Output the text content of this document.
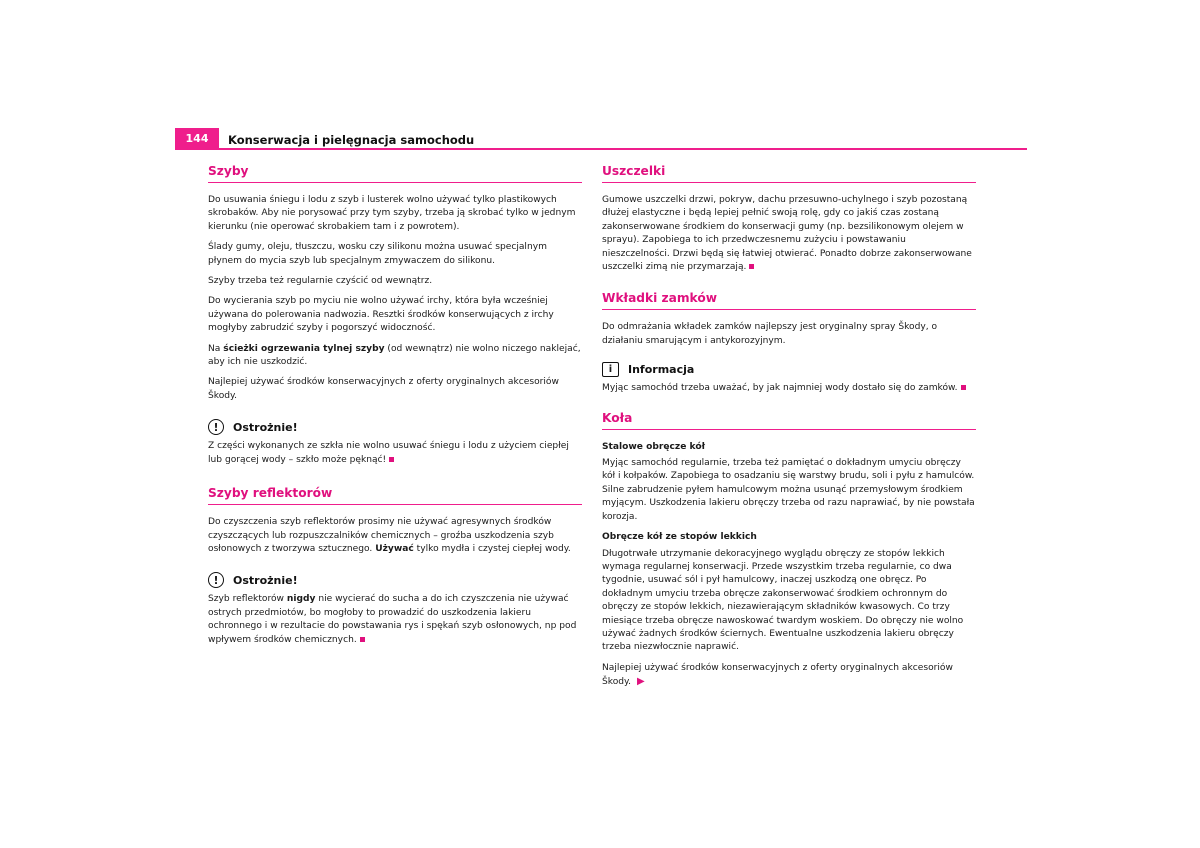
144	Konserwacja i pielęgnacja samochodu
Szyby

Do usuwania śniegu i lodu z szyb i lusterek wolno używać tylko plastikowych skrobaków. Aby nie porysować przy tym szyby, trzeba ją skrobać tylko w jednym kierunku (nie operować skrobakiem tam i z powrotem).

Ślady gumy, oleju, tłuszczu, wosku czy silikonu można usuwać specjalnym płynem do mycia szyb lub specjalnym zmywaczem do silikonu.

Szyby trzeba też regularnie czyścić od wewnątrz.

Do wycierania szyb po myciu nie wolno używać irchy, która była wcześniej używana do polerowania nadwozia. Resztki środków konserwujących z irchy mogłyby zabrudzić szyby i pogorszyć widoczność.

Na ścieżki ogrzewania tylnej szyby (od wewnątrz) nie wolno niczego naklejać, aby ich nie uszkodzić.

Najlepiej używać środków konserwacyjnych z oferty oryginalnych akcesoriów Škody.

!	Ostrożnie!

Z części wykonanych ze szkła nie wolno usuwać śniegu i lodu z użyciem ciepłej lub gorącej wody – szkło może pęknąć!

Szyby reflektorów

Do czyszczenia szyb reflektorów prosimy nie używać agresywnych środków czyszczących lub rozpuszczalników chemicznych – groźba uszkodzenia szyb osłonowych z tworzywa sztucznego. Używać tylko mydła i czystej ciepłej wody.

!	Ostrożnie!

Szyb reflektorów nigdy nie wycierać do sucha a do ich czyszczenia nie używać ostrych przedmiotów, bo mogłoby to prowadzić do uszkodzenia lakieru ochronnego i w rezultacie do powstawania rys i spękań szyb osłonowych, np pod wpływem środków chemicznych.

Uszczelki

Gumowe uszczelki drzwi, pokryw, dachu przesuwno-uchylnego i szyb pozostaną dłużej elastyczne i będą lepiej pełnić swoją rolę, gdy co jakiś czas zostaną zakonserwowane środkiem do konserwacji gumy (np. bezsilikonowym olejem w sprayu). Zapobiega to ich przedwczesnemu zużyciu i powstawaniu nieszczelności. Drzwi będą się łatwiej otwierać. Ponadto dobrze zakonserwowane uszczelki zimą nie przymarzają.

Wkładki zamków

Do odmrażania wkładek zamków najlepszy jest oryginalny spray Škody, o działaniu smarującym i antykorozyjnym.

i	Informacja

Myjąc samochód trzeba uważać, by jak najmniej wody dostało się do zamków.

Koła
Stalowe obręcze kół

Myjąc samochód regularnie, trzeba też pamiętać o dokładnym umyciu obręczy kół i kołpaków. Zapobiega to osadzaniu się warstwy brudu, soli i pyłu z hamulców. Silne zabrudzenie pyłem hamulcowym można usunąć przemysłowym środkiem myjącym. Uszkodzenia lakieru obręczy trzeba od razu naprawiać, by nie powstała korozja.

Obręcze kół ze stopów lekkich

Długotrwałe utrzymanie dekoracyjnego wyglądu obręczy ze stopów lekkich wymaga regularnej konserwacji. Przede wszystkim trzeba regularnie, co dwa tygodnie, usuwać sól i pył hamulcowy, inaczej uszkodzą one obręcz. Po dokładnym umyciu trzeba obręcze zakonserwować środkiem ochronnym do obręczy ze stopów lekkich, niezawierającym składników kwasowych. Co trzy miesiące trzeba obręcze nawoskować twardym woskiem. Do obręczy nie wolno używać żadnych środków ściernych. Ewentualne uszkodzenia lakieru obręczy trzeba niezwłocznie naprawić.

Najlepiej używać środków konserwacyjnych z oferty oryginalnych akcesoriów Škody. ▶
